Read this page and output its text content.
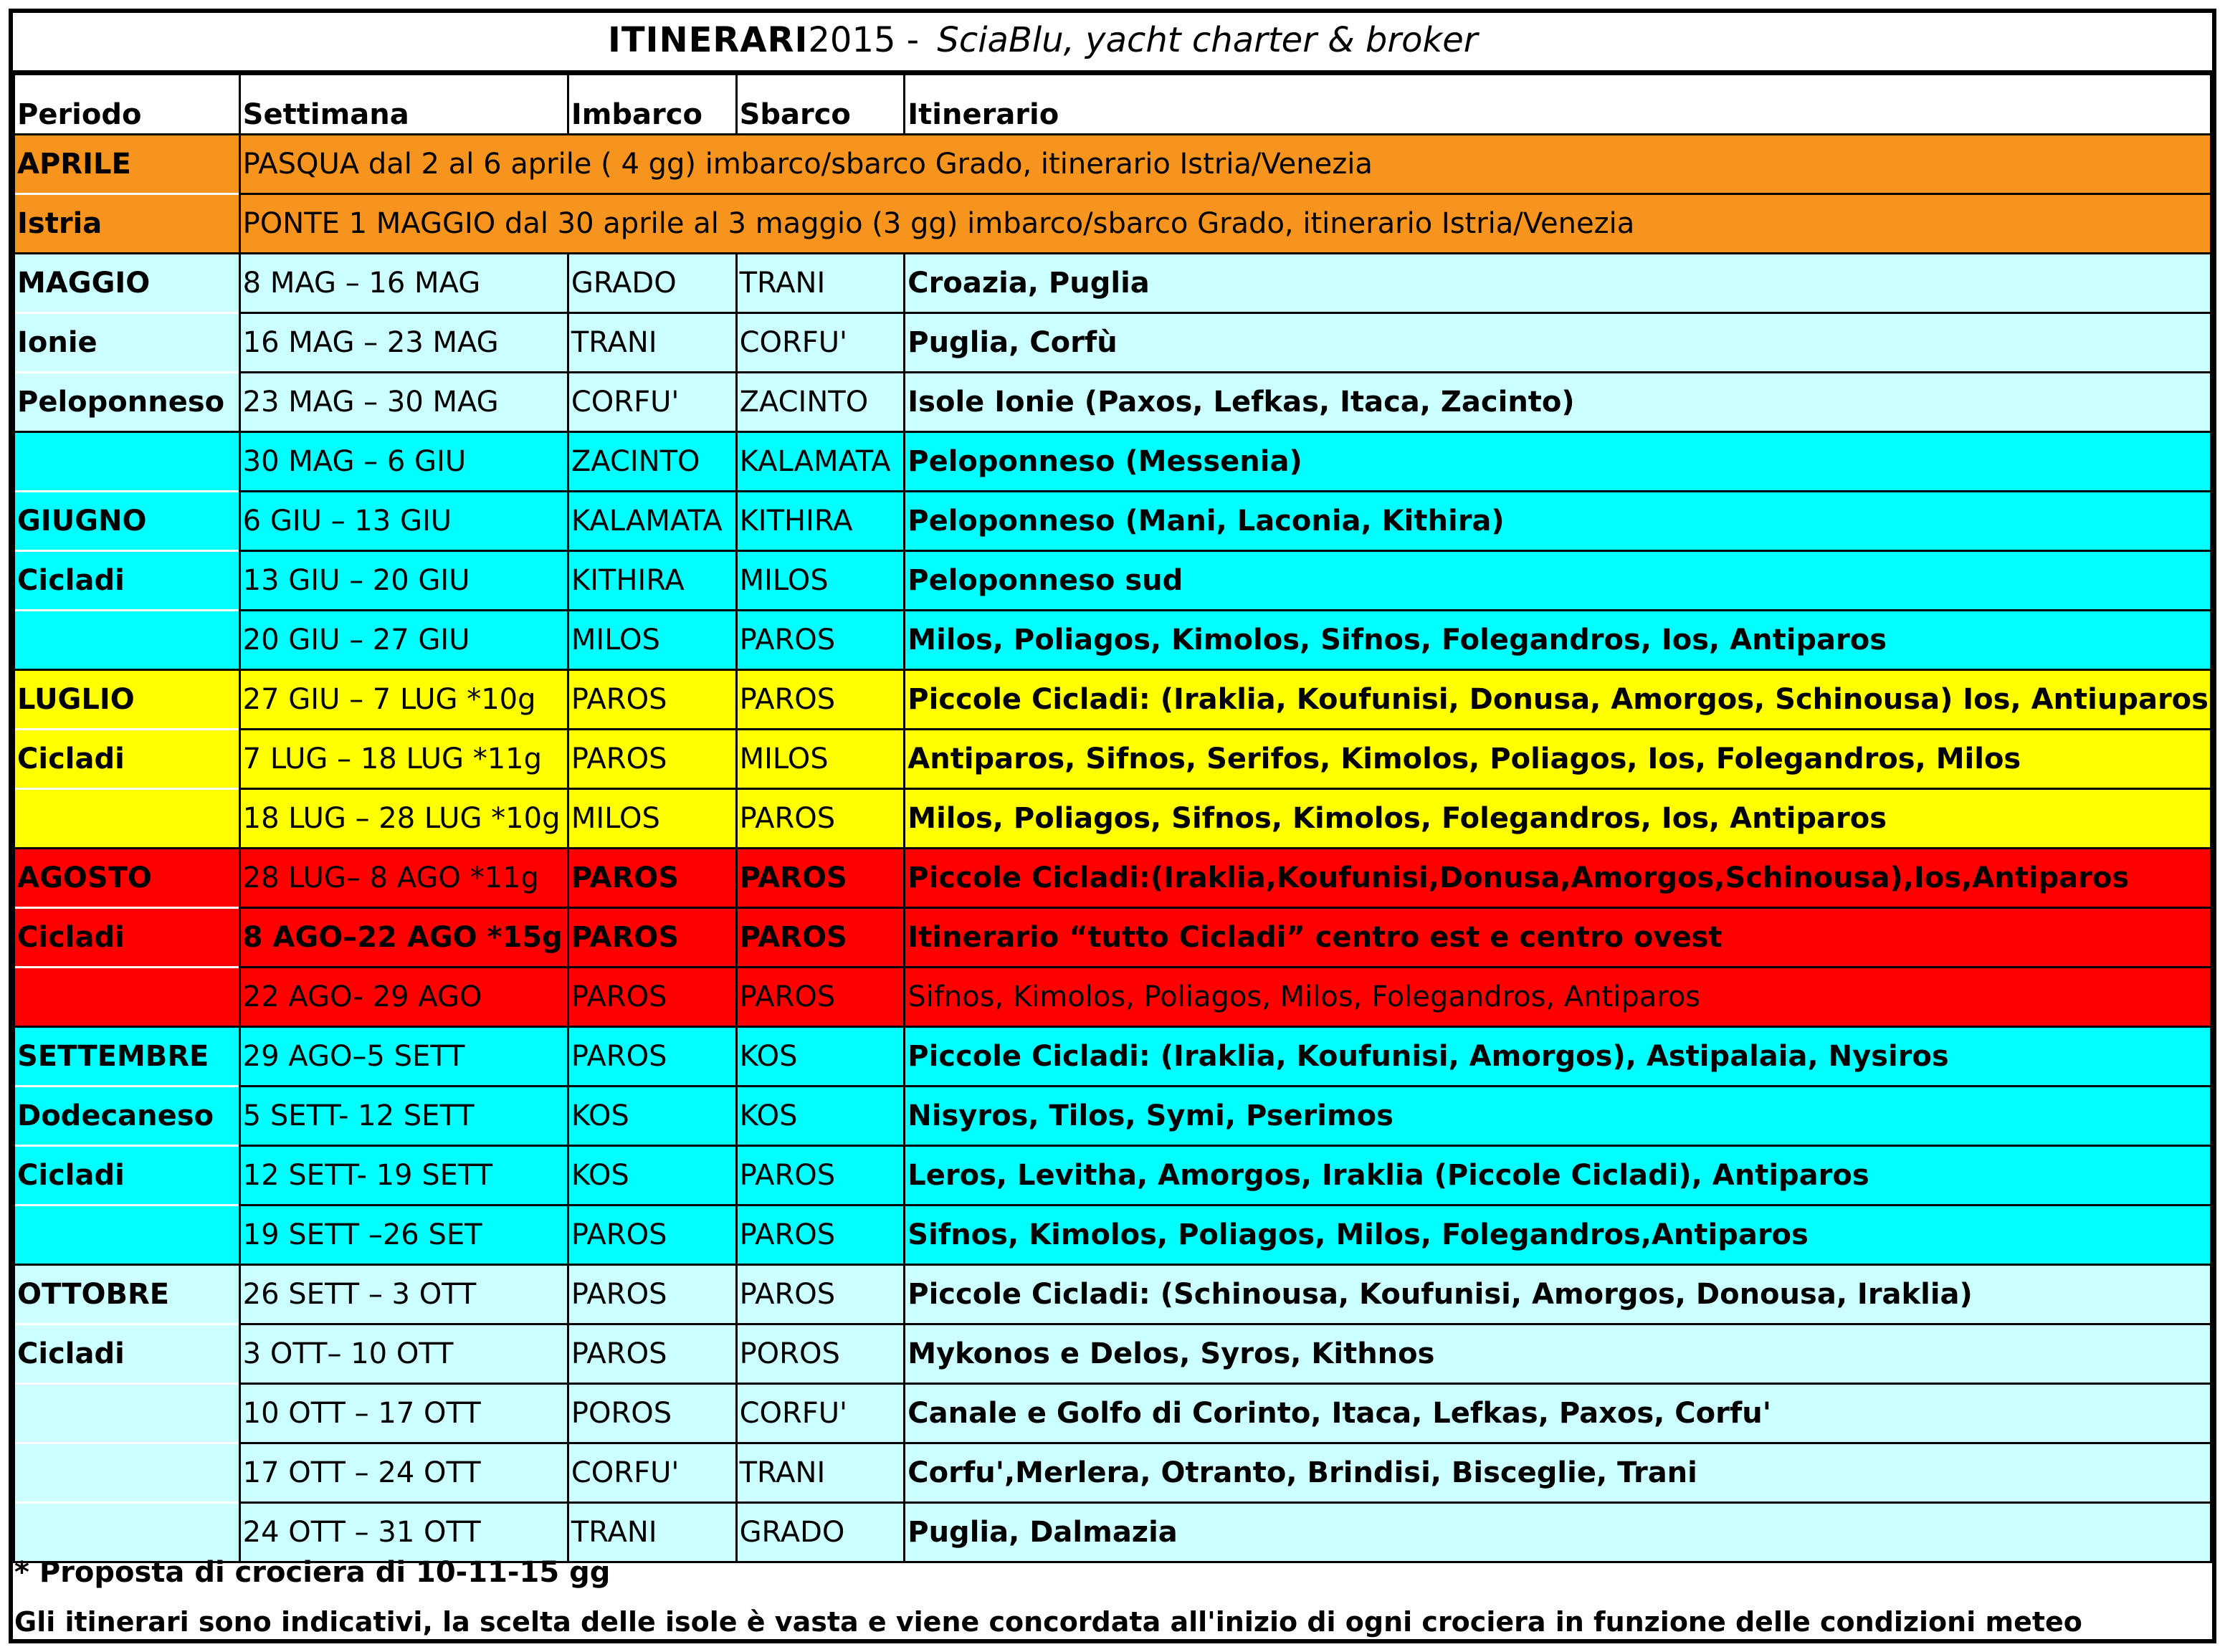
ITINERARI2015 - SciaBlu, yacht charter & broker
Periodo	Settimana	Imbarco	Sbarco	Itinerario
APRILE	PASQUA dal 2 al 6 aprile ( 4 gg) imbarco/sbarco Grado, itinerario Istria/Venezia			
Istria	PONTE 1 MAGGIO dal 30 aprile al 3 maggio (3 gg) imbarco/sbarco Grado, itinerario Istria/Venezia			
MAGGIO	8 MAG – 16 MAG	GRADO	TRANI	Croazia, Puglia
Ionie	16 MAG – 23 MAG	TRANI	CORFU'	Puglia, Corfù
Peloponneso	23 MAG – 30 MAG	CORFU'	ZACINTO	Isole Ionie (Paxos, Lefkas, Itaca, Zacinto)
	30 MAG – 6 GIU	ZACINTO	KALAMATA	Peloponneso (Messenia)
GIUGNO	6 GIU – 13 GIU	KALAMATA	KITHIRA	Peloponneso (Mani, Laconia, Kithira)
Cicladi	13 GIU – 20 GIU	KITHIRA	MILOS	Peloponneso sud
	20 GIU – 27 GIU	MILOS	PAROS	Milos, Poliagos, Kimolos, Sifnos, Folegandros, Ios, Antiparos
LUGLIO	27 GIU – 7 LUG *10g	PAROS	PAROS	Piccole Cicladi: (Iraklia, Koufunisi, Donusa, Amorgos, Schinousa) Ios, Antiuparos
Cicladi	7 LUG – 18 LUG *11g	PAROS	MILOS	Antiparos, Sifnos, Serifos, Kimolos, Poliagos, Ios, Folegandros, Milos
	18 LUG – 28 LUG *10g	MILOS	PAROS	Milos, Poliagos, Sifnos, Kimolos, Folegandros, Ios, Antiparos
AGOSTO	28 LUG– 8 AGO *11g	PAROS	PAROS	Piccole Cicladi:(Iraklia,Koufunisi,Donusa,Amorgos,Schinousa),Ios,Antiparos
Cicladi	8 AGO–22 AGO *15g	PAROS	PAROS	Itinerario “tutto Cicladi” centro est e centro ovest
	22 AGO- 29 AGO	PAROS	PAROS	Sifnos, Kimolos, Poliagos, Milos, Folegandros, Antiparos
SETTEMBRE	29 AGO–5 SETT	PAROS	KOS	Piccole Cicladi: (Iraklia, Koufunisi, Amorgos), Astipalaia, Nysiros
Dodecaneso	5 SETT- 12 SETT	KOS	KOS	Nisyros, Tilos, Symi, Pserimos
Cicladi	12 SETT- 19 SETT	KOS	PAROS	Leros, Levitha, Amorgos, Iraklia (Piccole Cicladi), Antiparos
	19 SETT –26 SET	PAROS	PAROS	Sifnos, Kimolos, Poliagos, Milos, Folegandros,Antiparos
OTTOBRE	26 SETT – 3 OTT	PAROS	PAROS	Piccole Cicladi: (Schinousa, Koufunisi, Amorgos, Donousa, Iraklia)
Cicladi	3 OTT– 10 OTT	PAROS	POROS	Mykonos e Delos, Syros, Kithnos
	10 OTT – 17 OTT	POROS	CORFU'	Canale e Golfo di Corinto, Itaca, Lefkas, Paxos, Corfu'
	17 OTT – 24 OTT	CORFU'	TRANI	Corfu',Merlera, Otranto, Brindisi, Bisceglie, Trani
	24 OTT – 31 OTT	TRANI	GRADO	Puglia, Dalmazia
* Proposta di crociera di 10-11-15 gg
Gli itinerari sono indicativi, la scelta delle isole è vasta e viene concordata all'inizio di ogni crociera in funzione delle condizioni meteo
